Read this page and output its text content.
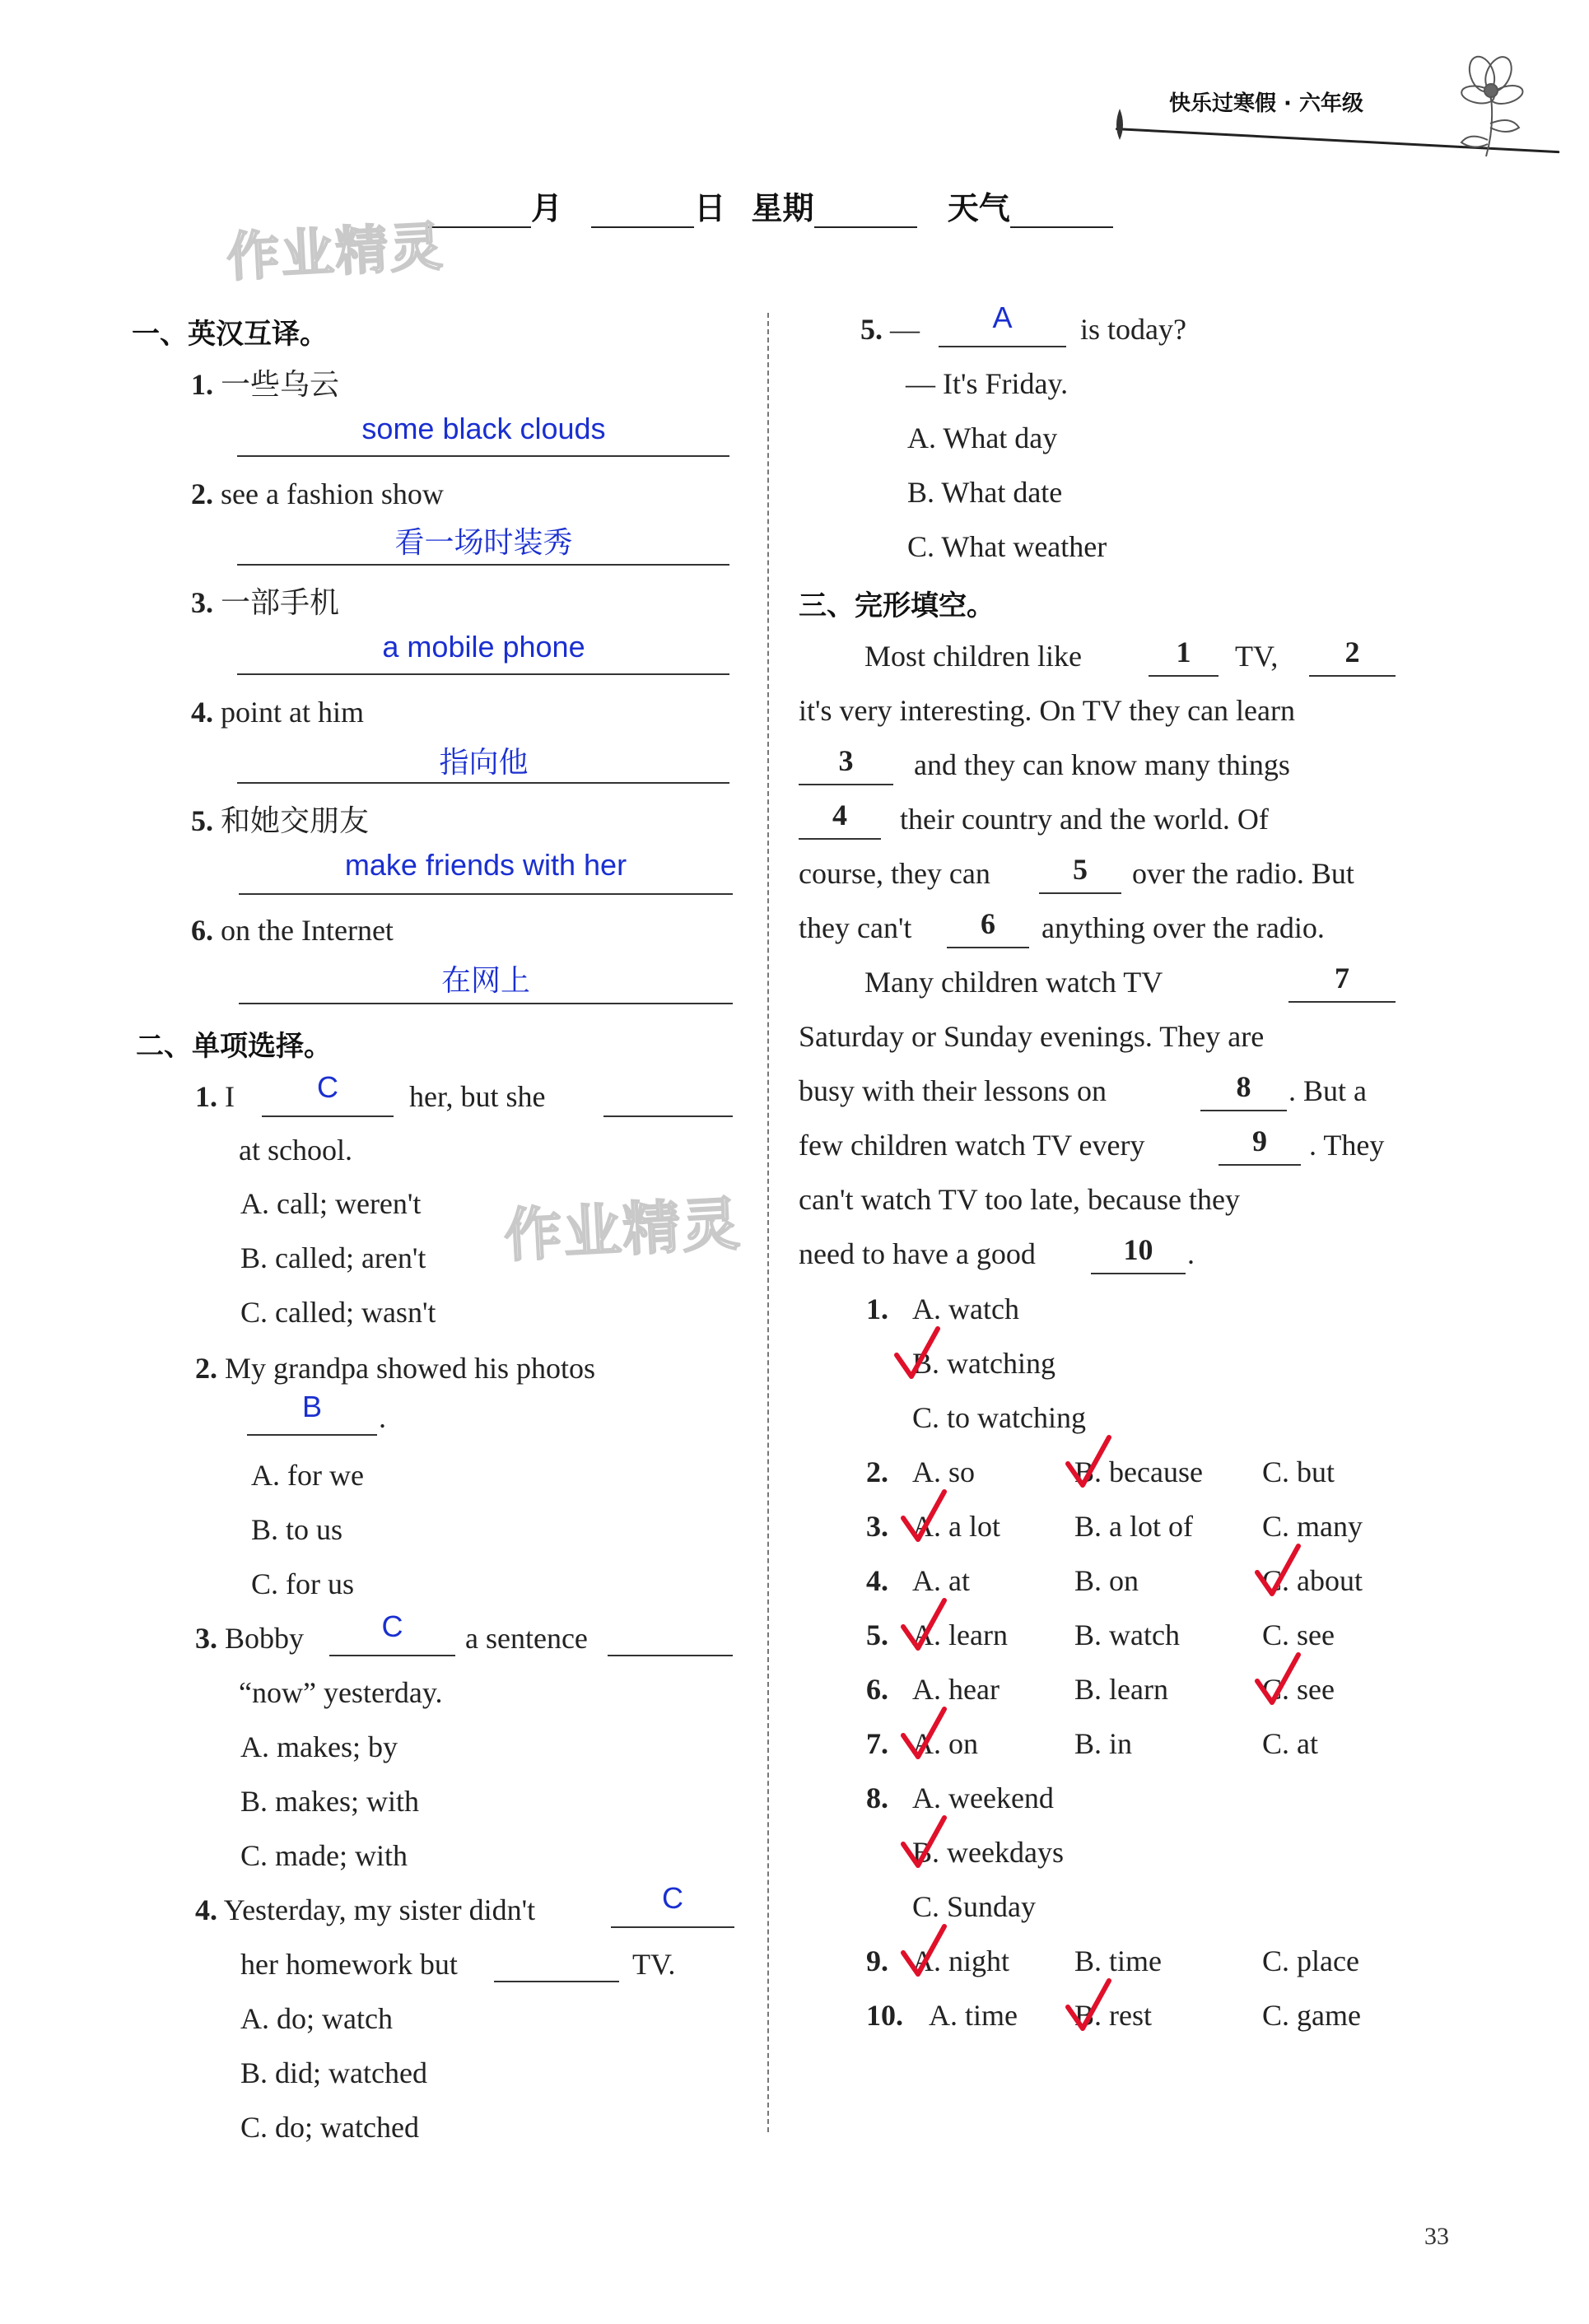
快乐过寒假 · 六年级
月	日 星期	天气
作业精灵
作业精灵
一、英汉互译。
1. 一些乌云
some black clouds
2. see a fashion show
看一场时装秀
3. 一部手机
a mobile phone
4. point at him
指向他
5. 和她交朋友
make friends with her
6. on the Internet
在网上
二、单项选择。
1. I	C	her, but she
at school.
A. call; weren't
B. called; aren't
C. called; wasn't
2. My grandpa showed his photos
B	.
A. for we
B. to us
C. for us
3. Bobby	C	a sentence
“now” yesterday.
A. makes; by
B. makes; with
C. made; with
4. Yesterday, my sister didn't	C
her homework but	TV.
A. do; watch
B. did; watched
C. do; watched
5. —	A	is today?
— It's Friday.
A. What day
B. What date
C. What weather
三、完形填空。
Most children like	1	TV,	2
it's very interesting. On TV they can learn
3	and they can know many things
4	their country and the world. Of
course, they can	5	over the radio. But
they can't	6	anything over the radio.
Many children watch TV	7
Saturday or Sunday evenings. They are
busy with their lessons on	8	. But a
few children watch TV every	9	. They
can't watch TV too late, because they
need to have a good	10	.
1. A. watch
B. watching
C. to watching
2. A. so	B. because C. but
3. A. a lot	B. a lot of C. many
4. A. at	B. on	C. about
5. A. learn B. watch	C. see
6. A. hear	B. learn	C. see
7. A. on	B. in	C. at
8. A. weekend
B. weekdays
C. Sunday
9. A. night B. time	C. place
10. A. time B. rest	C. game
33
